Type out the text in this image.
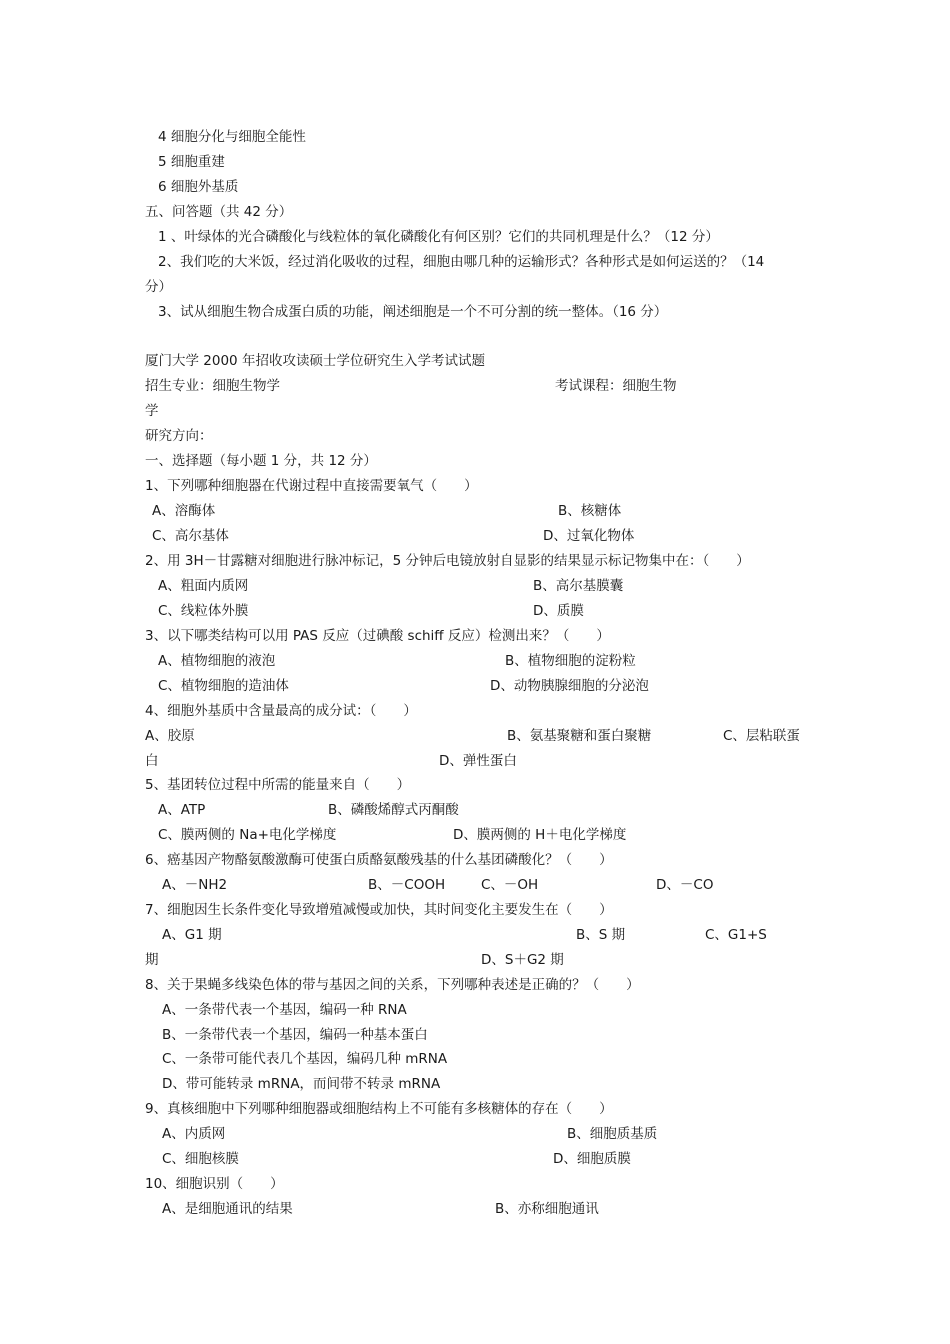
4 细胞分化与细胞全能性
5 细胞重建
6 细胞外基质
五、问答题（共 42 分）
1 、叶绿体的光合磷酸化与线粒体的氧化磷酸化有何区别？它们的共同机理是什么？（12 分）
2、我们吃的大米饭，经过消化吸收的过程，细胞由哪几种的运输形式？各种形式是如何运送的？（14
分）
3、试从细胞生物合成蛋白质的功能，阐述细胞是一个不可分割的统一整体。（16 分）
厦门大学 2000 年招收攻读硕士学位研究生入学考试试题
招生专业：细胞生物学	考试课程：细胞生物
学
研究方向：
一、选择题（每小题 1 分，共 12 分）
1、下列哪种细胞器在代谢过程中直接需要氧气（　　）
A、溶酶体	B、核糖体
C、高尔基体	D、过氧化物体
2、用 3H－甘露糖对细胞进行脉冲标记，5 分钟后电镜放射自显影的结果显示标记物集中在：（　　）
A、粗面内质网	B、高尔基膜囊
C、线粒体外膜	D、质膜
3、以下哪类结构可以用 PAS 反应（过碘酸 schiff 反应）检测出来？（　　）
A、植物细胞的液泡	B、植物细胞的淀粉粒
C、植物细胞的造油体	D、动物胰腺细胞的分泌泡
4、细胞外基质中含量最高的成分试：（　　）
A、胶原	B、氨基聚糖和蛋白聚糖	C、层粘联蛋
白	D、弹性蛋白
5、基团转位过程中所需的能量来自（　　）
A、ATP	B、磷酸烯醇式丙酮酸
C、膜两侧的 Na+电化学梯度	D、膜两侧的 H＋电化学梯度
6、癌基因产物酪氨酸激酶可使蛋白质酪氨酸残基的什么基团磷酸化？（　　）
A、－NH2	B、－COOH	C、－OH	D、－CO
7、细胞因生长条件变化导致增殖减慢或加快，其时间变化主要发生在（　　）
A、G1 期	B、S 期	C、G1+S
期	D、S＋G2 期
8、关于果蝇多线染色体的带与基因之间的关系，下列哪种表述是正确的？（　　）
A、一条带代表一个基因，编码一种 RNA
B、一条带代表一个基因，编码一种基本蛋白
C、一条带可能代表几个基因，编码几种 mRNA
D、带可能转录 mRNA，而间带不转录 mRNA
9、真核细胞中下列哪种细胞器或细胞结构上不可能有多核糖体的存在（　　）
A、内质网	B、细胞质基质
C、细胞核膜	D、细胞质膜
10、细胞识别（　　）
A、是细胞通讯的结果	B、亦称细胞通讯
